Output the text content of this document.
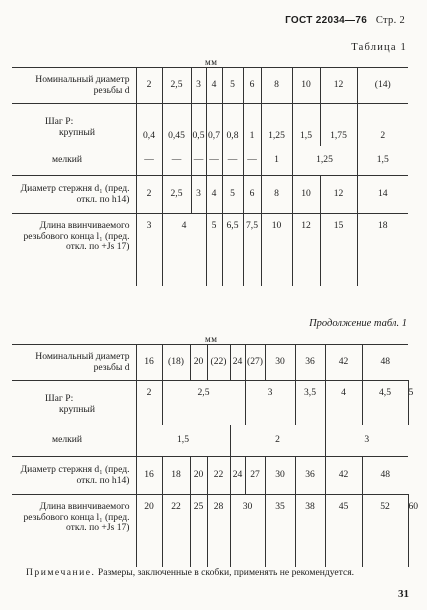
ГОСТ 22034—76 Стр. 2
Таблица 1
мм
Номинальный диаметр резьбы d	2	2,5	3	4	5	6	8	10	12	(14)
Шаг P:

крупный	0,4	0,45	0,5	0,7	0,8	1	1,25	1,5	1,75	2
мелкий	—	—	—	—	—	—	1	1,25		1,5
Диаметр стержня d₁ (пред. откл. по h14)	2	2,5	3	4	5	6	8	10	12	14
Длина ввинчиваемого резьбового конца l₁ (пред. откл. по +Js 17)	3	4		5	6,5	7,5	10	12	15	18
Продолжение табл. 1
мм
Номинальный диаметр резьбы d	16	(18)	20	(22)	24	(27)	30	36	42	48	
Шаг P:

крупный	2	2,5				3		3,5	4	4,5	5
мелкий	1,5				2				3		
Диаметр стержня d₁ (пред. откл. по h14)	16	18	20	22	24	27	30	36	42	48	
Длина ввинчиваемого резьбового конца l₁ (пред. откл. по +Js 17)	20	22	25	28	30		35	38	45	52	60
Примечание. Размеры, заключенные в скобки, применять не рекомендуется.
31
